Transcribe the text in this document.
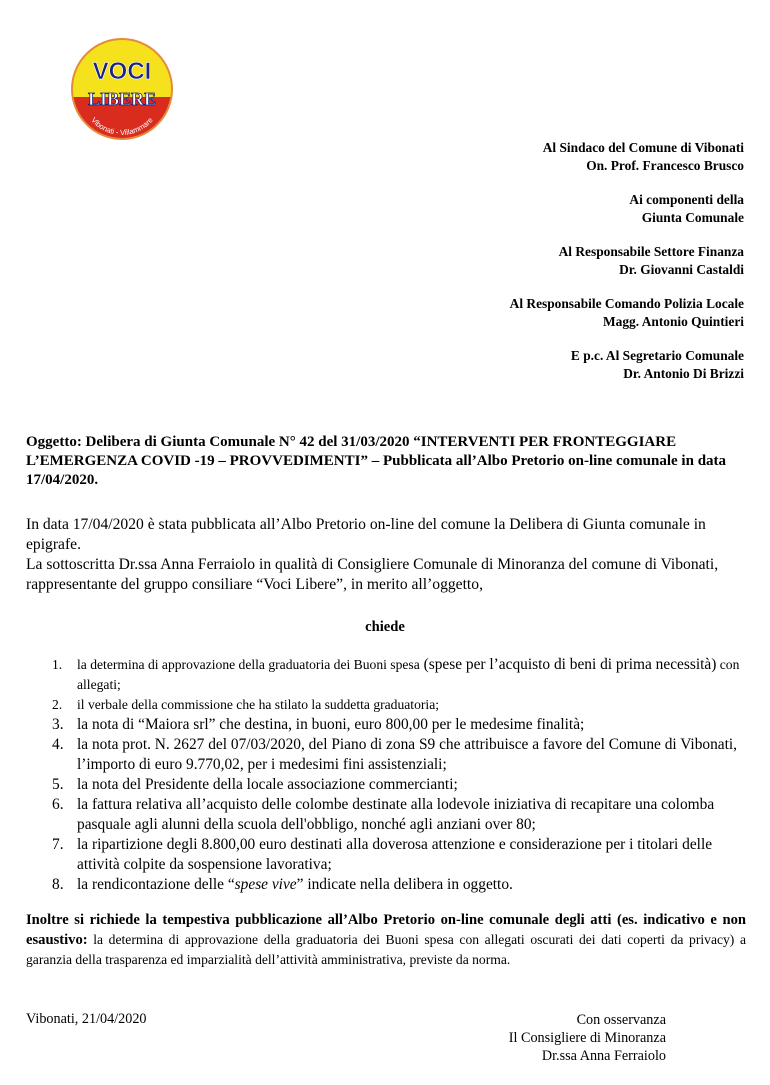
VOCI
LIBERE
Vibonati - Villammare
Al Sindaco del Comune di Vibonati
On. Prof. Francesco Brusco
Ai componenti della
Giunta Comunale
Al Responsabile Settore Finanza
Dr. Giovanni Castaldi
Al Responsabile Comando Polizia Locale
Magg. Antonio Quintieri
E p.c. Al Segretario Comunale
Dr. Antonio Di Brizzi
Oggetto: Delibera di Giunta Comunale N° 42 del 31/03/2020 “INTERVENTI PER FRONTEGGIARE L’EMERGENZA COVID -19 – PROVVEDIMENTI” – Pubblicata all’Albo Pretorio on-line comunale in data 17/04/2020.
In data 17/04/2020 è stata pubblicata all’Albo Pretorio on-line del comune la Delibera di Giunta comunale in epigrafe.
La sottoscritta Dr.ssa Anna Ferraiolo in qualità di Consigliere Comunale di Minoranza del comune di Vibonati, rappresentante del gruppo consiliare “Voci Libere”, in merito all’oggetto,
chiede
1. la determina di approvazione della graduatoria dei Buoni spesa (spese per l’acquisto di beni di prima necessità) con allegati;
2. il verbale della commissione che ha stilato la suddetta graduatoria;
3. la nota di “Maiora srl” che destina, in buoni, euro 800,00 per le medesime finalità;
4. la nota prot. N. 2627 del 07/03/2020, del Piano di zona S9 che attribuisce a favore del Comune di Vibonati, l’importo di euro 9.770,02, per i medesimi fini assistenziali;
5. la nota del Presidente della locale associazione commercianti;
6. la fattura relativa all’acquisto delle colombe destinate alla lodevole iniziativa di recapitare una colomba pasquale agli alunni della scuola dell'obbligo, nonché agli anziani over 80;
7. la ripartizione degli 8.800,00 euro destinati alla doverosa attenzione e considerazione per i titolari delle attività colpite da sospensione lavorativa;
8. la rendicontazione delle “spese vive” indicate nella delibera in oggetto.
Inoltre si richiede la tempestiva pubblicazione all’Albo Pretorio on-line comunale degli atti (es. indicativo e non esaustivo: la determina di approvazione della graduatoria dei Buoni spesa con allegati oscurati dei dati coperti da privacy) a garanzia della trasparenza ed imparzialità dell’attività amministrativa, previste da norma.
Vibonati, 21/04/2020	Con osservanza
Il Consigliere di Minoranza
Dr.ssa Anna Ferraiolo
